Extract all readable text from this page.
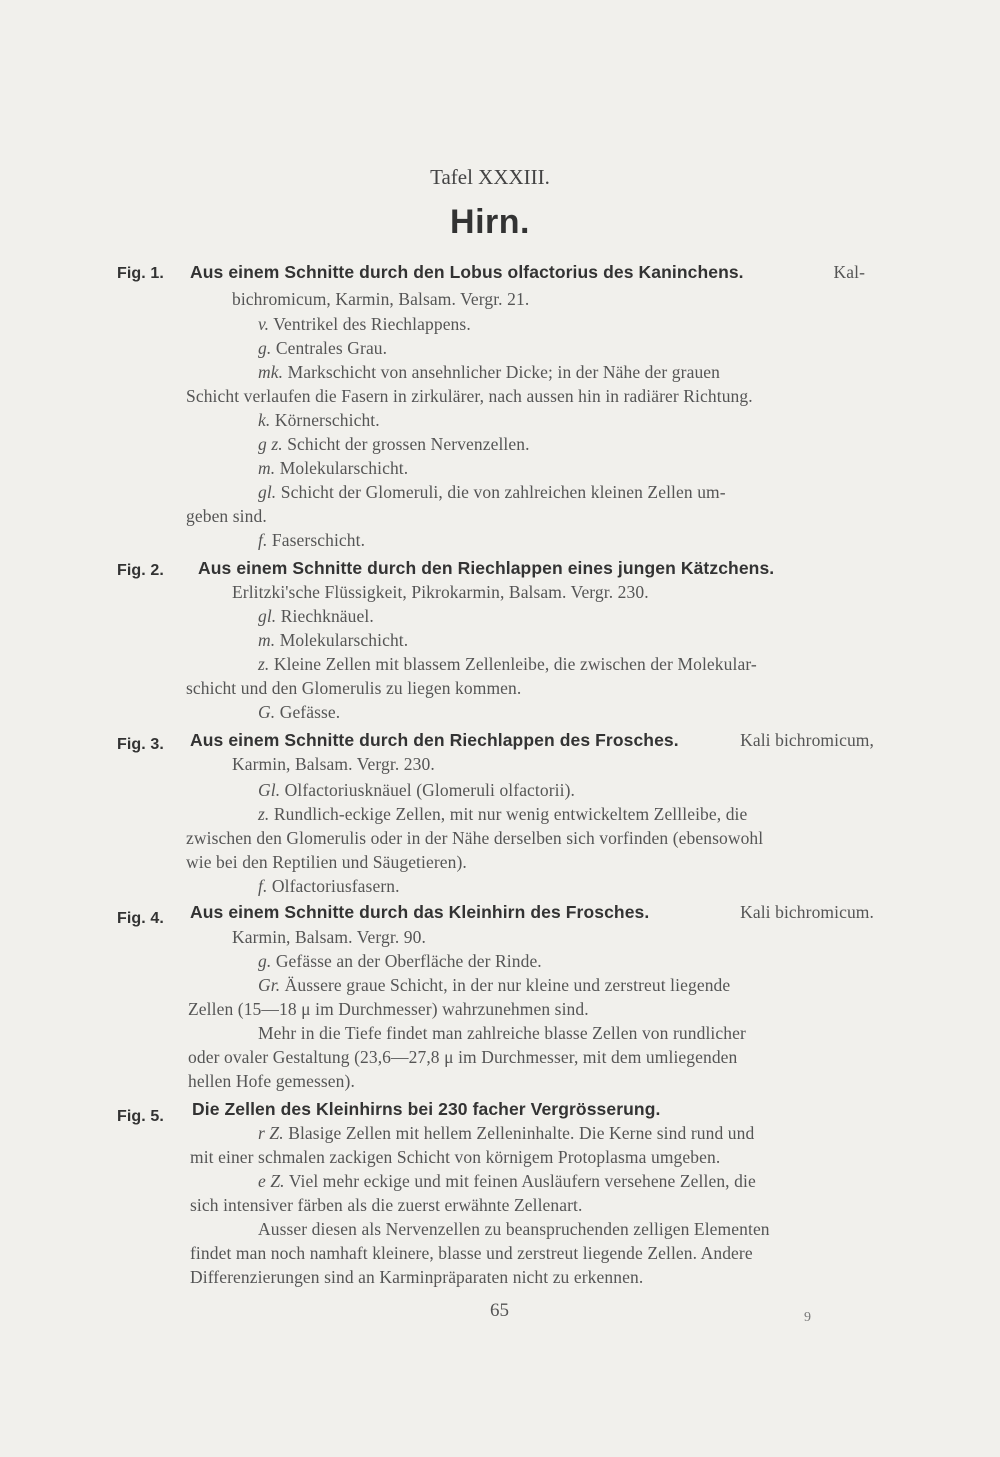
Tafel XXXIII.
Hirn.
Fig. 1. Aus einem Schnitte durch den Lobus olfactorius des Kaninchens.	Kal-
bichromicum, Karmin, Balsam. Vergr. 21.
v. Ventrikel des Riechlappens.
g. Centrales Grau.
mk. Markschicht von ansehnlicher Dicke; in der Nähe der grauen
Schicht verlaufen die Fasern in zirkulärer, nach aussen hin in radiärer Richtung.
k. Körnerschicht.
g z. Schicht der grossen Nervenzellen.
m. Molekularschicht.
gl. Schicht der Glomeruli, die von zahlreichen kleinen Zellen um-
geben sind.
f. Faserschicht.
Fig. 2. Aus einem Schnitte durch den Riechlappen eines jungen Kätzchens.
Erlitzki'sche Flüssigkeit, Pikrokarmin, Balsam. Vergr. 230.
gl. Riechknäuel.
m. Molekularschicht.
z. Kleine Zellen mit blassem Zellenleibe, die zwischen der Molekular-
schicht und den Glomerulis zu liegen kommen.
G. Gefässe.
Fig. 3. Aus einem Schnitte durch den Riechlappen des Frosches.	Kali bichromicum,
Karmin, Balsam. Vergr. 230.
Gl. Olfactoriusknäuel (Glomeruli olfactorii).
z. Rundlich-eckige Zellen, mit nur wenig entwickeltem Zellleibe, die
zwischen den Glomerulis oder in der Nähe derselben sich vorfinden (ebensowohl
wie bei den Reptilien und Säugetieren).
f. Olfactoriusfasern.
Fig. 4. Aus einem Schnitte durch das Kleinhirn des Frosches.	Kali bichromicum.
Karmin, Balsam. Vergr. 90.
g. Gefässe an der Oberfläche der Rinde.
Gr. Äussere graue Schicht, in der nur kleine und zerstreut liegende
Zellen (15—18 μ im Durchmesser) wahrzunehmen sind.
Mehr in die Tiefe findet man zahlreiche blasse Zellen von rundlicher
oder ovaler Gestaltung (23,6—27,8 μ im Durchmesser, mit dem umliegenden
hellen Hofe gemessen).
Fig. 5. Die Zellen des Kleinhirns bei 230 facher Vergrösserung.
r Z. Blasige Zellen mit hellem Zelleninhalte. Die Kerne sind rund und
mit einer schmalen zackigen Schicht von körnigem Protoplasma umgeben.
e Z. Viel mehr eckige und mit feinen Ausläufern versehene Zellen, die
sich intensiver färben als die zuerst erwähnte Zellenart.
Ausser diesen als Nervenzellen zu beanspruchenden zelligen Elementen
findet man noch namhaft kleinere, blasse und zerstreut liegende Zellen. Andere
Differenzierungen sind an Karminpräparaten nicht zu erkennen.
65	9
